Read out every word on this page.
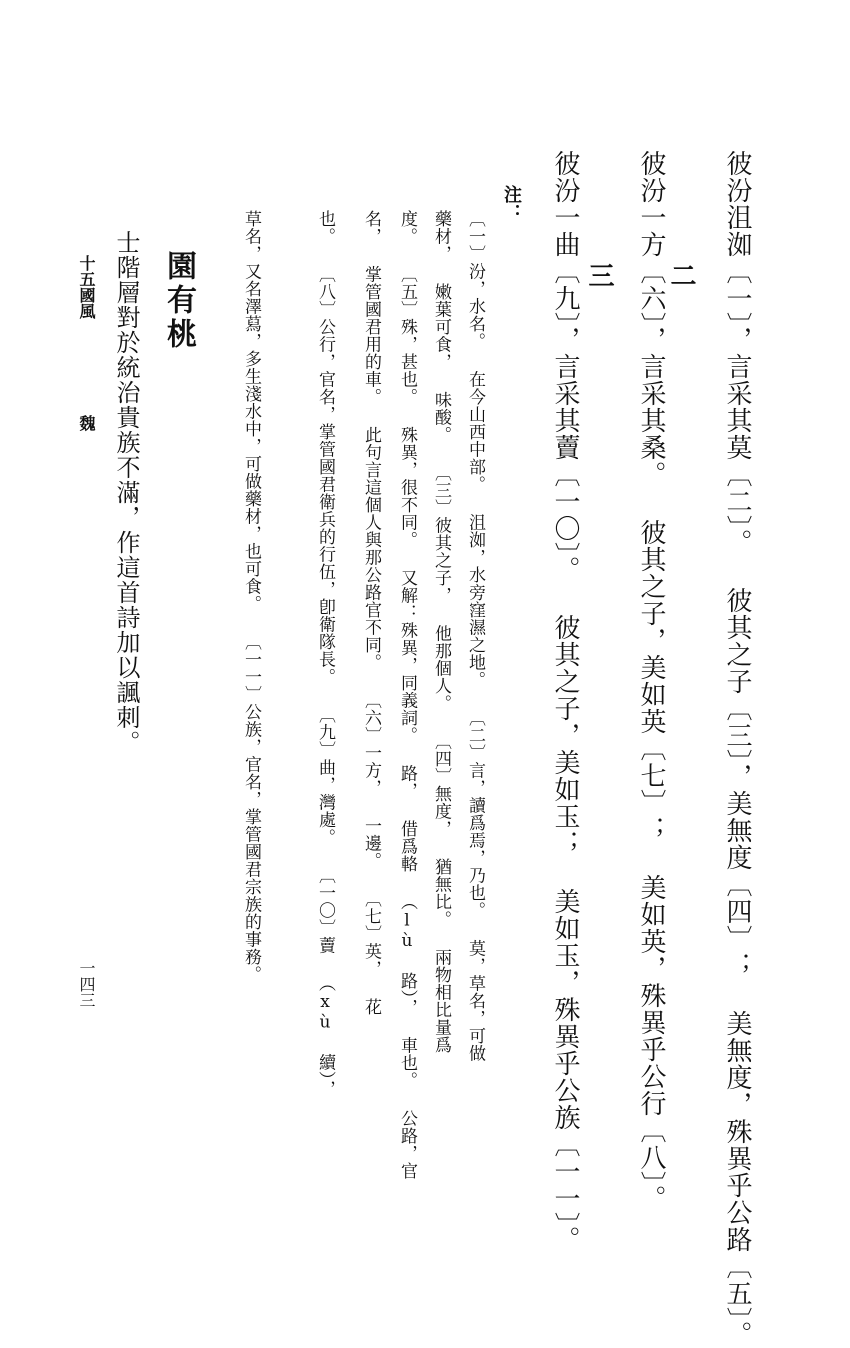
彼汾沮洳〔一〕，言采其莫〔二〕。 彼其之子〔三〕，美無度〔四〕； 美無度，殊異乎公路〔五〕。
二
彼汾一方〔六〕，言采其桑。 彼其之子，美如英〔七〕； 美如英，殊異乎公行〔八〕。
三
彼汾一曲〔九〕，言采其藚〔一〇〕。 彼其之子，美如玉； 美如玉，殊異乎公族〔一一〕。
注：
〔一〕汾，水名。 在今山西中部。 沮洳，水旁窪濕之地。 〔二〕言，讀爲焉，乃也。 莫，草名，可做
藥材， 嫩葉可食， 味酸。 〔三〕彼其之子， 他那個人。 〔四〕無度， 猶無比。 兩物相比量爲
度。 〔五〕殊，甚也。 殊異，很不同。 又解：殊異，同義詞。 路， 借爲輅 （lù 路）， 車也。 公路，官
名， 掌管國君用的車。 此句言這個人與那公路官不同。 〔六〕一方， 一邊。 〔七〕英， 花
也。 〔八〕公行，官名，掌管國君衛兵的行伍，卽衛隊長。 〔九〕曲，灣處。 〔一〇〕藚 （xù 續），
草名，又名澤蕮，多生淺水中，可做藥材，也可食。 〔一一〕公族，官名，掌管國君宗族的事務。
園有桃
士階層對於統治貴族不滿，作這首詩加以諷刺。
十五國風
魏
一四三
